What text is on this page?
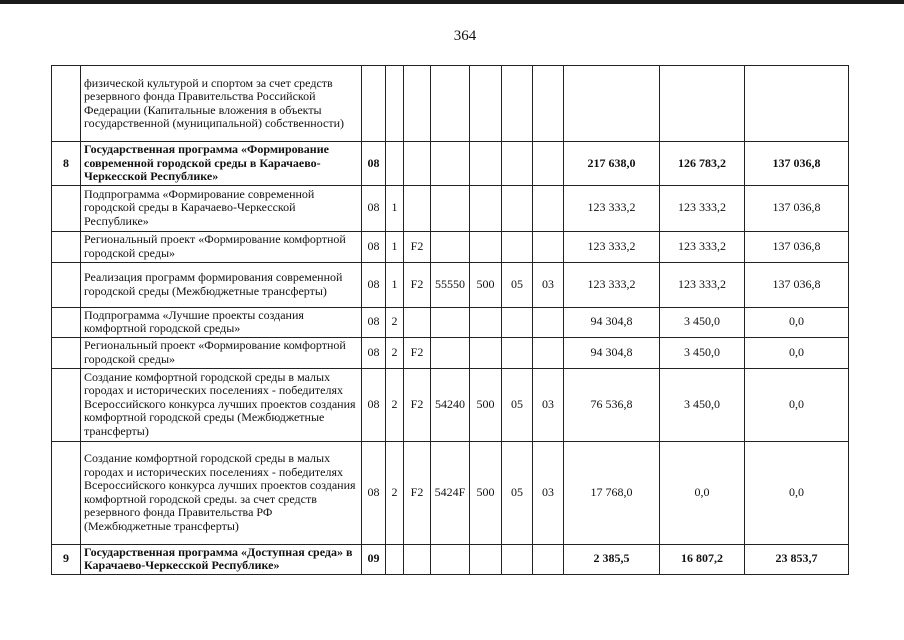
364
	физической культурой и спортом за счет средств резервного фонда Правительства Российской Федерации (Капитальные вложения в объекты государственной (муниципальной) собственности)										
8	Государственная программа «Формирование современной городской среды в Карачаево-Черкесской Республике»	08							217 638,0	126 783,2	137 036,8
	Подпрограмма «Формирование современной городской среды в Карачаево-Черкесской Республике»	08	1						123 333,2	123 333,2	137 036,8
	Региональный проект «Формирование комфортной городской среды»	08	1	F2					123 333,2	123 333,2	137 036,8
	Реализация программ формирования современной городской среды (Межбюджетные трансферты)	08	1	F2	55550	500	05	03	123 333,2	123 333,2	137 036,8
	Подпрограмма «Лучшие проекты создания комфортной городской среды»	08	2						94 304,8	3 450,0	0,0
	Региональный проект «Формирование комфортной городской среды»	08	2	F2					94 304,8	3 450,0	0,0
	Создание комфортной городской среды в малых городах и исторических поселениях - победителях Всероссийского конкурса лучших проектов создания комфортной городской среды (Межбюджетные трансферты)	08	2	F2	54240	500	05	03	76 536,8	3 450,0	0,0
	Создание комфортной городской среды в малых городах и исторических поселениях - победителях Всероссийского конкурса лучших проектов создания комфортной городской среды. за счет средств резервного фонда Правительства РФ (Межбюджетные трансферты)	08	2	F2	5424F	500	05	03	17 768,0	0,0	0,0
9	Государственная программа «Доступная среда» в Карачаево-Черкесской Республике»	09							2 385,5	16 807,2	23 853,7
